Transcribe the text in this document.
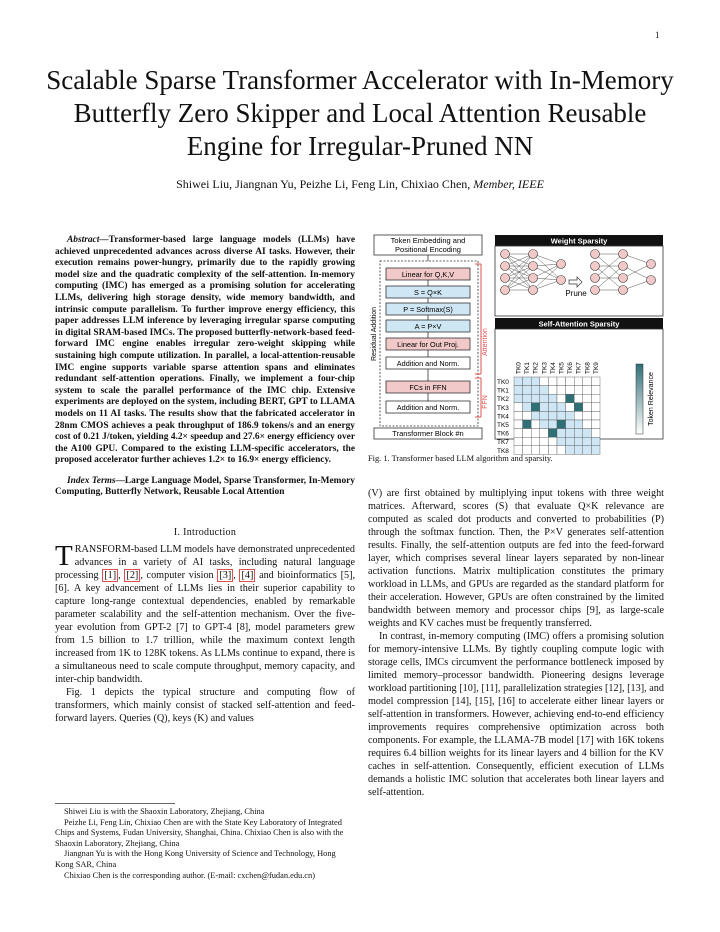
1
Scalable Sparse Transformer Accelerator with In-Memory Butterfly Zero Skipper and Local Attention Reusable Engine for Irregular-Pruned NN
Shiwei Liu, Jiangnan Yu, Peizhe Li, Feng Lin, Chixiao Chen, Member, IEEE

Abstract—Transformer-based large language models (LLMs) have achieved unprecedented advances across diverse AI tasks. However, their execution remains power-hungry, primarily due to the rapidly growing model size and the quadratic complexity of the self-attention. In-memory computing (IMC) has emerged as a promising solution for accelerating LLMs, delivering high storage density, wide memory bandwidth, and intrinsic compute parallelism. To further improve energy efficiency, this paper addresses LLM inference by leveraging irregular sparse computing in digital SRAM-based IMCs. The proposed butterfly-network-based feed-forward IMC engine enables irregular zero-weight skipping while sustaining high compute utilization. In parallel, a local-attention-reusable IMC engine supports variable sparse attention spans and eliminates redundant self-attention operations. Finally, we implement a four-chip system to scale the parallel performance of the IMC chip. Extensive experiments are deployed on the system, including BERT, GPT to LLAMA models on 11 AI tasks. The results show that the fabricated accelerator in 28nm CMOS achieves a peak throughput of 186.9 tokens/s and an energy cost of 0.21 J/token, yielding 4.2× speedup and 27.6× energy efficiency over the A100 GPU. Compared to the existing LLM-specific accelerators, the proposed accelerator further achieves 1.2× to 16.9× energy efficiency.

Index Terms—Large Language Model, Sparse Transformer, In-Memory Computing, Butterfly Network, Reusable Local Attention

I. Introduction

TRANSFORM-based LLM models have demonstrated unprecedented advances in a variety of AI tasks, including natural language processing [1] , [2] , computer vision [3] , [4] and bioinformatics [5], [6]. A key advancement of LLMs lies in their superior capability to capture long-range contextual dependencies, enabled by remarkable parameter scalability and the self-attention mechanism. Over the five-year evolution from GPT-2 [7] to GPT-4 [8], model parameters grew from 1.5 billion to 1.7 trillion, while the maximum context length increased from 1K to 128K tokens. As LLMs continue to expand, there is a simultaneous need to scale compute throughput, memory capacity, and inter-chip bandwidth.

Fig. 1 depicts the typical structure and computing flow of transformers, which mainly consist of stacked self-attention and feed-forward layers. Queries (Q), keys (K) and values

Shiwei Liu is with the Shaoxin Laboratory, Zhejiang, China

Peizhe Li, Feng Lin, Chixiao Chen are with the State Key Laboratory of Integrated Chips and Systems, Fudan University, Shanghai, China. Chixiao Chen is also with the Shaoxin Laboratory, Zhejiang, China

Jiangnan Yu is with the Hong Kong University of Science and Technology, Hong Kong SAR, China

Chixiao Chen is the corresponding author. (E-mail: cxchen@fudan.edu.cn)

Token Embedding and
Positional Encoding
Residual Addition
Linear for Q,K,V
S = Q×K
P = Softmax(S)
A = P×V
Linear for Out Proj.
Addition and Norm.
FCs in FFN
Addition and Norm.
Attention
FFN
Transformer Block #n
Weight Sparsity
Prune
Self-Attention Sparsity
TK0 TK1 TK2 TK3 TK4 TK5 TK6 TK7 TK8 TK9
TK0
TK1
TK2
TK3
TK4
TK5
TK6
TK7
TK8
Token Relevance
Fig. 1. Transformer based LLM algorithm and sparsity.

(V) are first obtained by multiplying input tokens with three weight matrices. Afterward, scores (S) that evaluate Q×K relevance are computed as scaled dot products and converted to probabilities (P) through the softmax function. Then, the P×V generates self-attention results. Finally, the self-attention outputs are fed into the feed-forward layer, which comprises several linear layers separated by non-linear activation functions. Matrix multiplication constitutes the primary workload in LLMs, and GPUs are regarded as the standard platform for their acceleration. However, GPUs are often constrained by the limited bandwidth between memory and processor chips [9], as large-scale weights and KV caches must be frequently transferred.

In contrast, in-memory computing (IMC) offers a promising solution for memory-intensive LLMs. By tightly coupling compute logic with storage cells, IMCs circumvent the performance bottleneck imposed by limited memory–processor bandwidth. Pioneering designs leverage workload partitioning [10], [11], parallelization strategies [12], [13], and model compression [14], [15], [16] to accelerate either linear layers or self-attention in transformers. However, achieving end-to-end efficiency improvements requires comprehensive optimization across both components. For example, the LLAMA-7B model [17] with 16K tokens requires 6.4 billion weights for its linear layers and 4 billion for the KV caches in self-attention. Consequently, efficient execution of LLMs demands a holistic IMC solution that accelerates both linear layers and self-attention.
